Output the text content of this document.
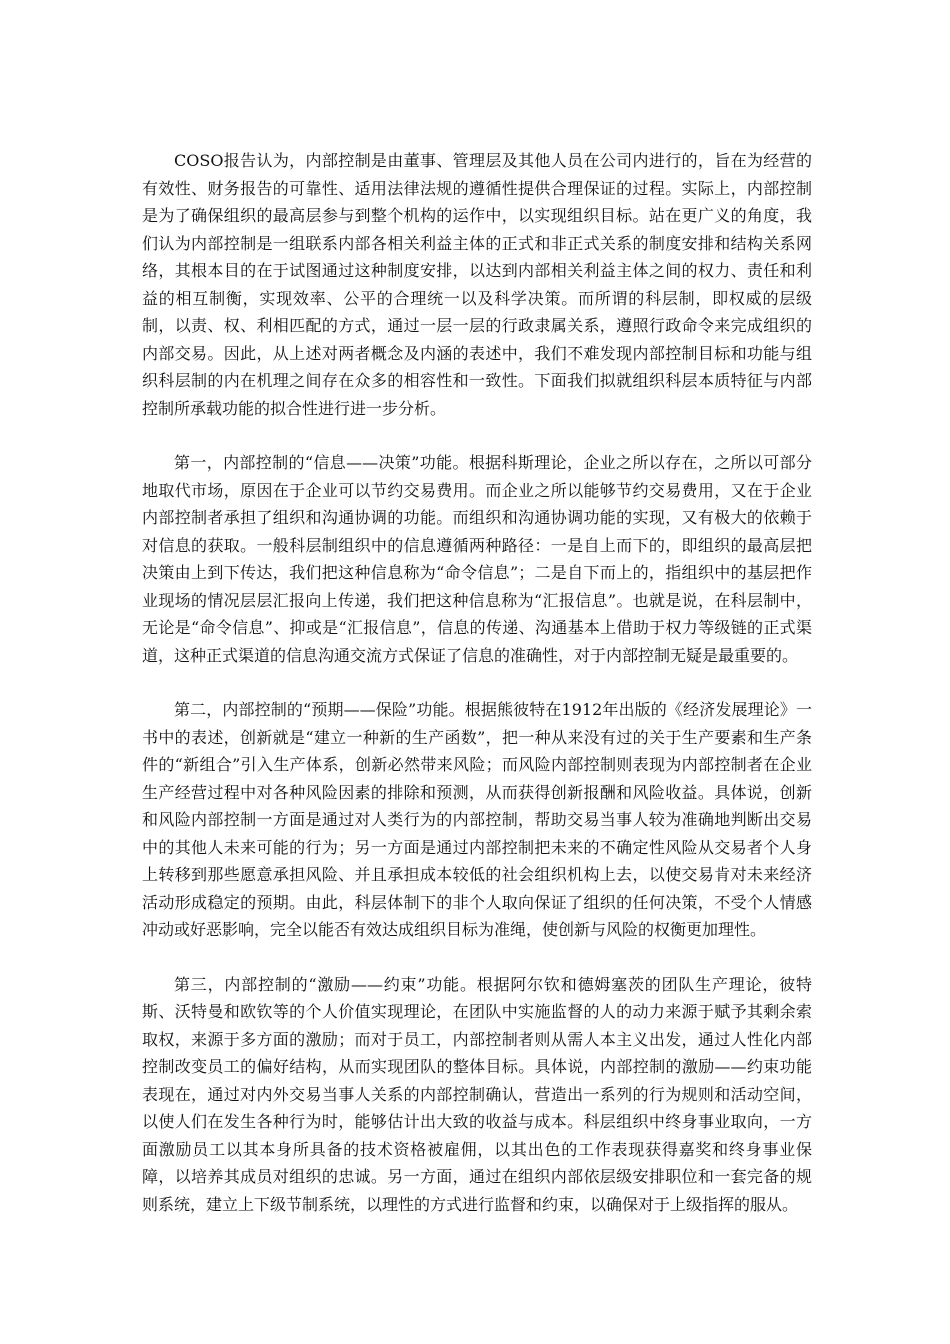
COSO报告认为，内部控制是由董事、管理层及其他人员在公司内进行的，旨在为经营的有效性、财务报告的可靠性、适用法律法规的遵循性提供合理保证的过程。实际上，内部控制是为了确保组织的最高层参与到整个机构的运作中，以实现组织目标。站在更广义的角度，我们认为内部控制是一组联系内部各相关利益主体的正式和非正式关系的制度安排和结构关系网络，其根本目的在于试图通过这种制度安排，以达到内部相关利益主体之间的权力、责任和利益的相互制衡，实现效率、公平的合理统一以及科学决策。而所谓的科层制，即权威的层级制，以责、权、利相匹配的方式，通过一层一层的行政隶属关系，遵照行政命令来完成组织的内部交易。因此，从上述对两者概念及内涵的表述中，我们不难发现内部控制目标和功能与组织科层制的内在机理之间存在众多的相容性和一致性。下面我们拟就组织科层本质特征与内部控制所承载功能的拟合性进行进一步分析。

第一，内部控制的“信息——决策”功能。根据科斯理论，企业之所以存在，之所以可部分地取代市场，原因在于企业可以节约交易费用。而企业之所以能够节约交易费用，又在于企业内部控制者承担了组织和沟通协调的功能。而组织和沟通协调功能的实现，又有极大的依赖于对信息的获取。一般科层制组织中的信息遵循两种路径：一是自上而下的，即组织的最高层把决策由上到下传达，我们把这种信息称为“命令信息”；二是自下而上的，指组织中的基层把作业现场的情况层层汇报向上传递，我们把这种信息称为“汇报信息”。也就是说，在科层制中，无论是“命令信息”、抑或是“汇报信息”，信息的传递、沟通基本上借助于权力等级链的正式渠道，这种正式渠道的信息沟通交流方式保证了信息的准确性，对于内部控制无疑是最重要的。

第二，内部控制的“预期——保险”功能。根据熊彼特在1912年出版的《经济发展理论》一书中的表述，创新就是“建立一种新的生产函数”，把一种从来没有过的关于生产要素和生产条件的“新组合”引入生产体系，创新必然带来风险；而风险内部控制则表现为内部控制者在企业生产经营过程中对各种风险因素的排除和预测，从而获得创新报酬和风险收益。具体说，创新和风险内部控制一方面是通过对人类行为的内部控制，帮助交易当事人较为准确地判断出交易中的其他人未来可能的行为；另一方面是通过内部控制把未来的不确定性风险从交易者个人身上转移到那些愿意承担风险、并且承担成本较低的社会组织机构上去，以使交易肯对未来经济活动形成稳定的预期。由此，科层体制下的非个人取向保证了组织的任何决策，不受个人情感冲动或好恶影响，完全以能否有效达成组织目标为准绳，使创新与风险的权衡更加理性。

第三，内部控制的“激励——约束”功能。根据阿尔钦和德姆塞茨的团队生产理论，彼特斯、沃特曼和欧钦等的个人价值实现理论，在团队中实施监督的人的动力来源于赋予其剩余索取权，来源于多方面的激励；而对于员工，内部控制者则从需人本主义出发，通过人性化内部控制改变员工的偏好结构，从而实现团队的整体目标。具体说，内部控制的激励——约束功能表现在，通过对内外交易当事人关系的内部控制确认，营造出一系列的行为规则和活动空间，以使人们在发生各种行为时，能够估计出大致的收益与成本。科层组织中终身事业取向，一方面激励员工以其本身所具备的技术资格被雇佣，以其出色的工作表现获得嘉奖和终身事业保障，以培养其成员对组织的忠诚。另一方面，通过在组织内部依层级安排职位和一套完备的规则系统，建立上下级节制系统，以理性的方式进行监督和约束，以确保对于上级指挥的服从。
